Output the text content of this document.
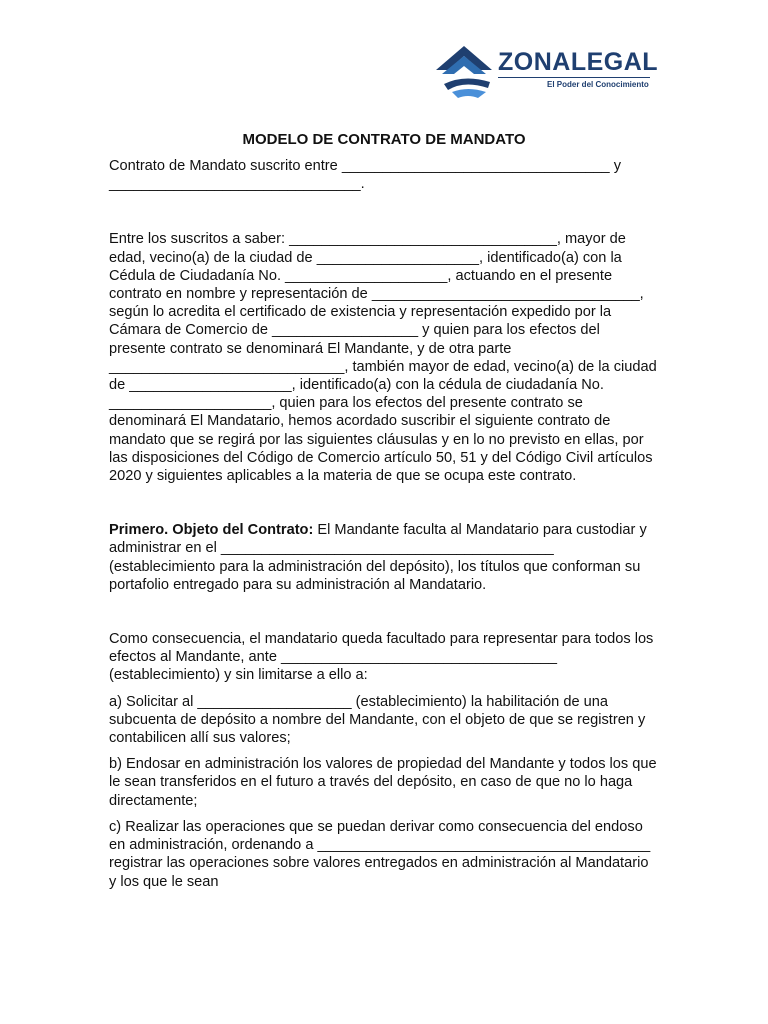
ZONALEGAL
El Poder del Conocimiento
MODELO DE CONTRATO DE MANDATO

Contrato de Mandato suscrito entre _________________________________ y _______________________________.

Entre los suscritos a saber: _________________________________, mayor de edad, vecino(a) de la ciudad de ____________________, identificado(a) con la Cédula de Ciudadanía No. ____________________, actuando en el presente contrato en nombre y representación de _________________________________, según lo acredita el certificado de existencia y representación expedido por la Cámara de Comercio de __________________ y quien para los efectos del presente contrato se denominará El Mandante, y de otra parte _____________________________, también mayor de edad, vecino(a) de la ciudad de ____________________, identificado(a) con la cédula de ciudadanía No. ____________________, quien para los efectos del presente contrato se denominará El Mandatario, hemos acordado suscribir el siguiente contrato de mandato que se regirá por las siguientes cláusulas y en lo no previsto en ellas, por las disposiciones del Código de Comercio artículo 50, 51 y del Código Civil artículos 2020 y siguientes aplicables a la materia de que se ocupa este contrato.

Primero. Objeto del Contrato: El Mandante faculta al Mandatario para custodiar y administrar en el _________________________________________ (establecimiento para la administración del depósito), los títulos que conforman su portafolio entregado para su administración al Mandatario.

Como consecuencia, el mandatario queda facultado para representar para todos los efectos al Mandante, ante __________________________________ (establecimiento) y sin limitarse a ello a:

a) Solicitar al ___________________ (establecimiento) la habilitación de una subcuenta de depósito a nombre del Mandante, con el objeto de que se registren y contabilicen allí sus valores;

b) Endosar en administración los valores de propiedad del Mandante y todos los que le sean transferidos en el futuro a través del depósito, en caso de que no lo haga directamente;

c) Realizar las operaciones que se puedan derivar como consecuencia del endoso en administración, ordenando a _________________________________________ registrar las operaciones sobre valores entregados en administración al Mandatario y los que le sean
